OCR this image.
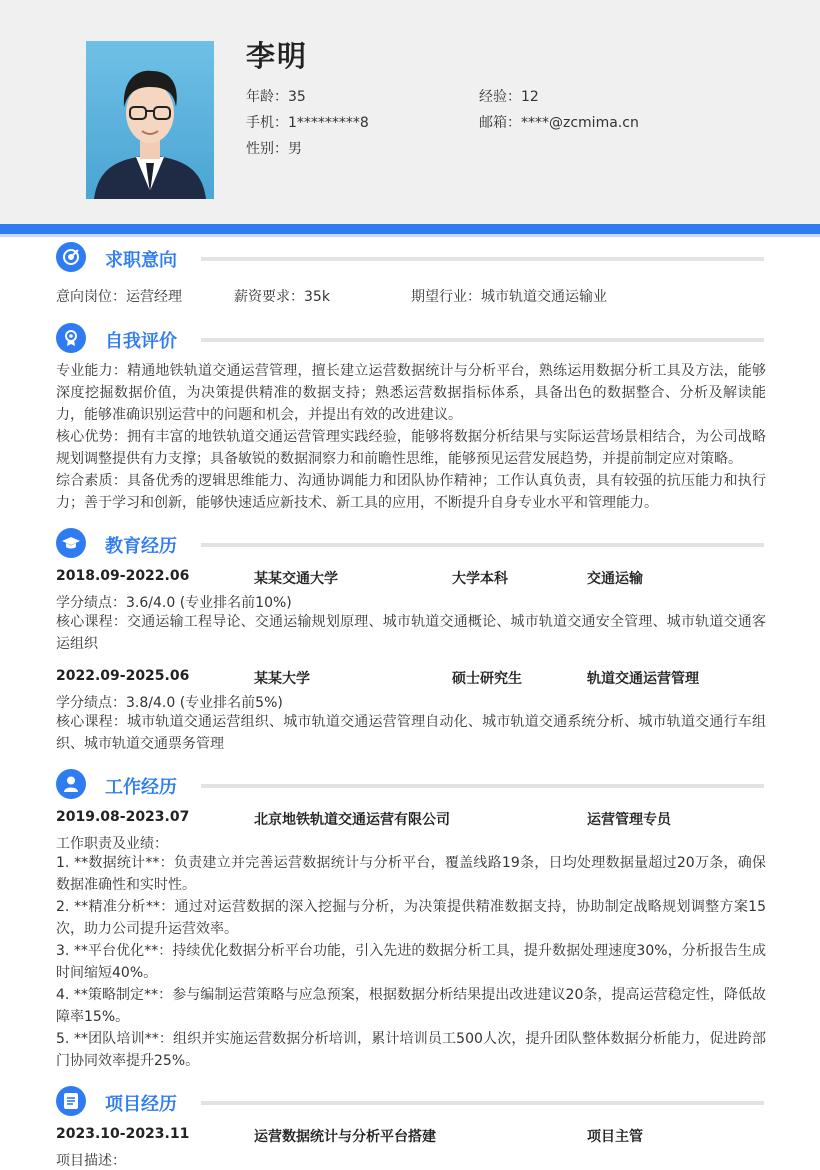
李明
年龄：35	经验：12
手机：1*********8	邮箱：****@zcmima.cn
性别：男
求职意向
意向岗位：运营经理	薪资要求：35k	期望行业：城市轨道交通运输业
自我评价
专业能力：精通地铁轨道交通运营管理，擅长建立运营数据统计与分析平台，熟练运用数据分析工具及方法，能够深度挖掘数据价值，为决策提供精准的数据支持；熟悉运营数据指标体系，具备出色的数据整合、分析及解读能力，能够准确识别运营中的问题和机会，并提出有效的改进建议。
核心优势：拥有丰富的地铁轨道交通运营管理实践经验，能够将数据分析结果与实际运营场景相结合，为公司战略规划调整提供有力支撑；具备敏锐的数据洞察力和前瞻性思维，能够预见运营发展趋势，并提前制定应对策略。
综合素质：具备优秀的逻辑思维能力、沟通协调能力和团队协作精神；工作认真负责，具有较强的抗压能力和执行力；善于学习和创新，能够快速适应新技术、新工具的应用，不断提升自身专业水平和管理能力。
教育经历
2018.09-2022.06	某某交通大学	大学本科	交通运输
学分绩点：3.6/4.0 (专业排名前10%)
核心课程：交通运输工程导论、交通运输规划原理、城市轨道交通概论、城市轨道交通安全管理、城市轨道交通客运组织
2022.09-2025.06	某某大学	硕士研究生	轨道交通运营管理
学分绩点：3.8/4.0 (专业排名前5%)
核心课程：城市轨道交通运营组织、城市轨道交通运营管理自动化、城市轨道交通系统分析、城市轨道交通行车组织、城市轨道交通票务管理
工作经历
2019.08-2023.07	北京地铁轨道交通运营有限公司	运营管理专员
工作职责及业绩：
1. **数据统计**：负责建立并完善运营数据统计与分析平台，覆盖线路19条，日均处理数据量超过20万条，确保数据准确性和实时性。
2. **精准分析**：通过对运营数据的深入挖掘与分析，为决策提供精准数据支持，协助制定战略规划调整方案15次，助力公司提升运营效率。
3. **平台优化**：持续优化数据分析平台功能，引入先进的数据分析工具，提升数据处理速度30%，分析报告生成时间缩短40%。
4. **策略制定**：参与编制运营策略与应急预案，根据数据分析结果提出改进建议20条，提高运营稳定性，降低故障率15%。
5. **团队培训**：组织并实施运营数据分析培训，累计培训员工500人次，提升团队整体数据分析能力，促进跨部门协同效率提升25%。
项目经历
2023.10-2023.11	运营数据统计与分析平台搭建	项目主管
项目描述：
